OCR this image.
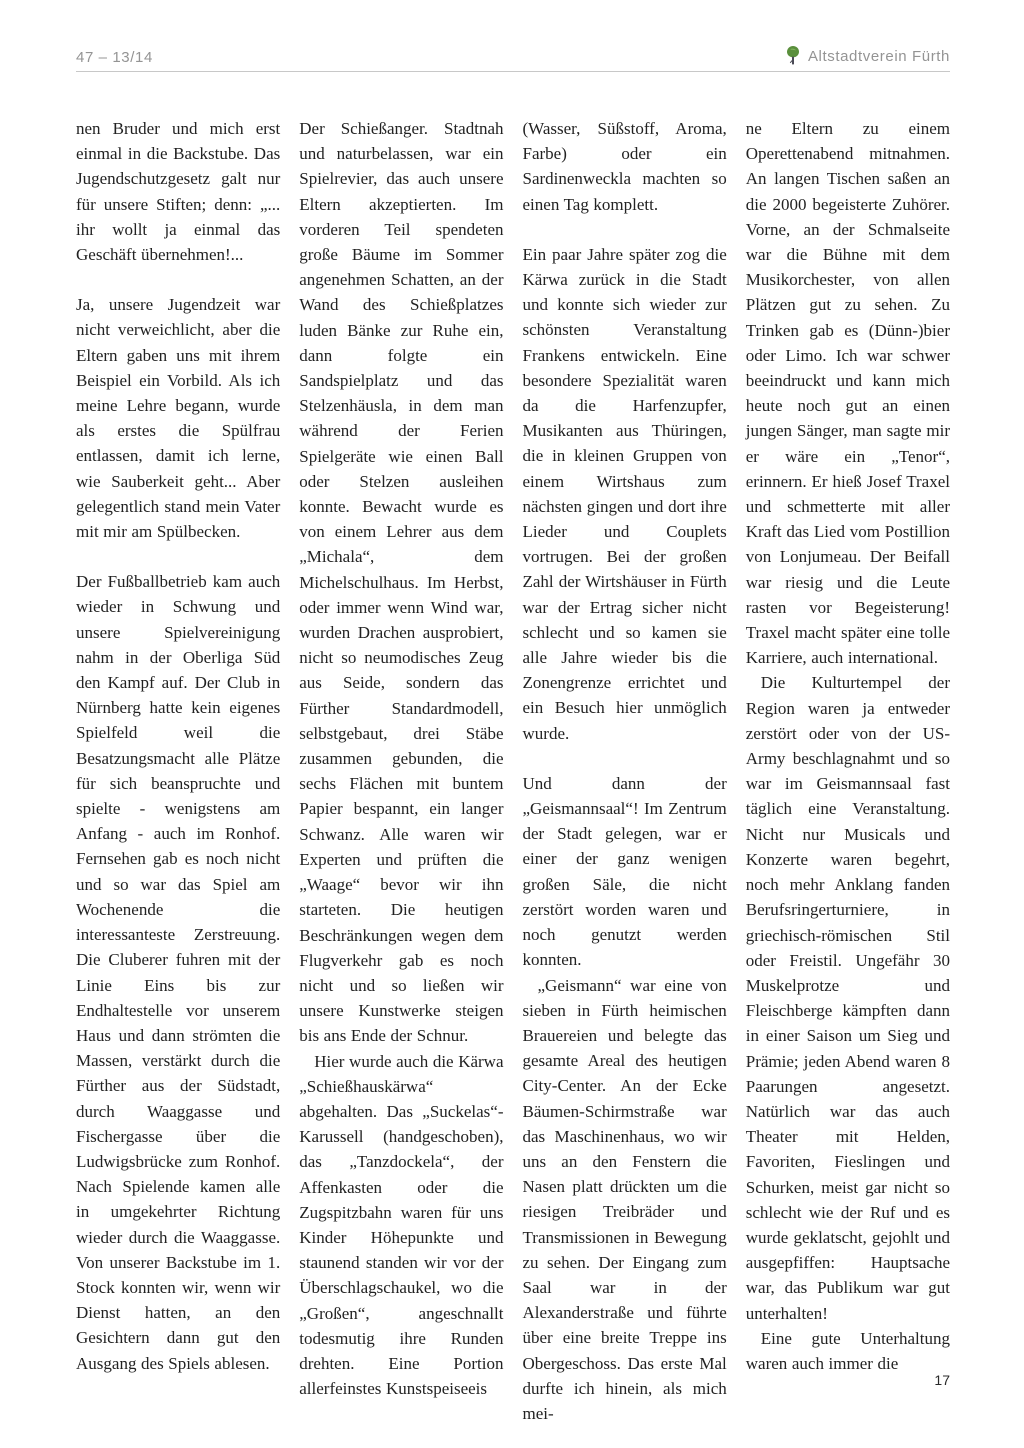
47 – 13/14	Altstadtverein Fürth

nen Bruder und mich erst einmal in die Backstube. Das Jugendschutzgesetz galt nur für unsere Stiften; denn: „... ihr wollt ja einmal das Geschäft übernehmen!...

Ja, unsere Jugendzeit war nicht verweichlicht, aber die Eltern gaben uns mit ihrem Beispiel ein Vorbild. Als ich meine Lehre begann, wurde als erstes die Spülfrau entlassen, damit ich lerne, wie Sauberkeit geht... Aber gelegentlich stand mein Vater mit mir am Spülbecken.

Der Fußballbetrieb kam auch wieder in Schwung und unsere Spielvereinigung nahm in der Oberliga Süd den Kampf auf. Der Club in Nürnberg hatte kein eigenes Spielfeld weil die Besatzungsmacht alle Plätze für sich beanspruchte und spielte - wenigstens am Anfang - auch im Ronhof. Fernsehen gab es noch nicht und so war das Spiel am Wochenende die interessanteste Zerstreuung. Die Cluberer fuhren mit der Linie Eins bis zur Endhaltestelle vor unserem Haus und dann strömten die Massen, verstärkt durch die Fürther aus der Südstadt, durch Waaggasse und Fischergasse über die Ludwigsbrücke zum Ronhof. Nach Spielende kamen alle in umgekehrter Richtung wieder durch die Waaggasse. Von unserer Backstube im 1. Stock konnten wir, wenn wir Dienst hatten, an den Gesichtern dann gut den Ausgang des Spiels ablesen.

Der Schießanger. Stadtnah und naturbelassen, war ein Spielrevier, das auch unsere Eltern akzeptierten. Im vorderen Teil spendeten große Bäume im Sommer angenehmen Schatten, an der Wand des Schießplatzes luden Bänke zur Ruhe ein, dann folgte ein Sandspielplatz und das Stelzenhäusla, in dem man während der Ferien Spielgeräte wie einen Ball oder Stelzen ausleihen konnte. Bewacht wurde es von einem Lehrer aus dem „Michala“, dem Michelschulhaus. Im Herbst, oder immer wenn Wind war, wurden Drachen ausprobiert, nicht so neumodisches Zeug aus Seide, sondern das Fürther Standardmodell, selbstgebaut, drei Stäbe zusammen gebunden, die sechs Flächen mit buntem Papier bespannt, ein langer Schwanz. Alle waren wir Experten und prüften die „Waage“ bevor wir ihn starteten. Die heutigen Beschränkungen wegen dem Flugverkehr gab es noch nicht und so ließen wir unsere Kunstwerke steigen bis ans Ende der Schnur.

Hier wurde auch die Kärwa „Schießhauskärwa“ abgehalten. Das „Suckelas“- Karussell (handgeschoben), das „Tanzdockela“, der Affenkasten oder die Zugspitzbahn waren für uns Kinder Höhepunkte und staunend standen wir vor der Überschlagschaukel, wo die „Großen“, angeschnallt todesmutig ihre Runden drehten. Eine Portion allerfeinstes Kunstspeiseeis

(Wasser, Süßstoff, Aroma, Farbe) oder ein Sardinenweckla machten so einen Tag komplett.

Ein paar Jahre später zog die Kärwa zurück in die Stadt und konnte sich wieder zur schönsten Veranstaltung Frankens entwickeln. Eine besondere Spezialität waren da die Harfenzupfer, Musikanten aus Thüringen, die in kleinen Gruppen von einem Wirtshaus zum nächsten gingen und dort ihre Lieder und Couplets vortrugen. Bei der großen Zahl der Wirtshäuser in Fürth war der Ertrag sicher nicht schlecht und so kamen sie alle Jahre wieder bis die Zonengrenze errichtet und ein Besuch hier unmöglich wurde.

Und dann der „Geismannsaal“! Im Zentrum der Stadt gelegen, war er einer der ganz wenigen großen Säle, die nicht zerstört worden waren und noch genutzt werden konnten.

„Geismann“ war eine von sieben in Fürth heimischen Brauereien und belegte das gesamte Areal des heutigen City-Center. An der Ecke Bäumen-Schirmstraße war das Maschinenhaus, wo wir uns an den Fenstern die Nasen platt drückten um die riesigen Treibräder und Transmissionen in Bewegung zu sehen. Der Eingang zum Saal war in der Alexanderstraße und führte über eine breite Treppe ins Obergeschoss. Das erste Mal durfte ich hinein, als mich mei-

ne Eltern zu einem Operettenabend mitnahmen. An langen Tischen saßen an die 2000 begeisterte Zuhörer. Vorne, an der Schmalseite war die Bühne mit dem Musikorchester, von allen Plätzen gut zu sehen. Zu Trinken gab es (Dünn-)bier oder Limo. Ich war schwer beeindruckt und kann mich heute noch gut an einen jungen Sänger, man sagte mir er wäre ein „Tenor“, erinnern. Er hieß Josef Traxel und schmetterte mit aller Kraft das Lied vom Postillion von Lonjumeau. Der Beifall war riesig und die Leute rasten vor Begeisterung! Traxel macht später eine tolle Karriere, auch international.

Die Kulturtempel der Region waren ja entweder zerstört oder von der US-Army beschlagnahmt und so war im Geismannsaal fast täglich eine Veranstaltung. Nicht nur Musicals und Konzerte waren begehrt, noch mehr Anklang fanden Berufsringerturniere, in griechisch-römischen Stil oder Freistil. Ungefähr 30 Muskelprotze und Fleischberge kämpften dann in einer Saison um Sieg und Prämie; jeden Abend waren 8 Paarungen angesetzt. Natürlich war das auch Theater mit Helden, Favoriten, Fieslingen und Schurken, meist gar nicht so schlecht wie der Ruf und es wurde geklatscht, gejohlt und ausgepfiffen: Hauptsache war, das Publikum war gut unterhalten!

Eine gute Unterhaltung waren auch immer die

17
